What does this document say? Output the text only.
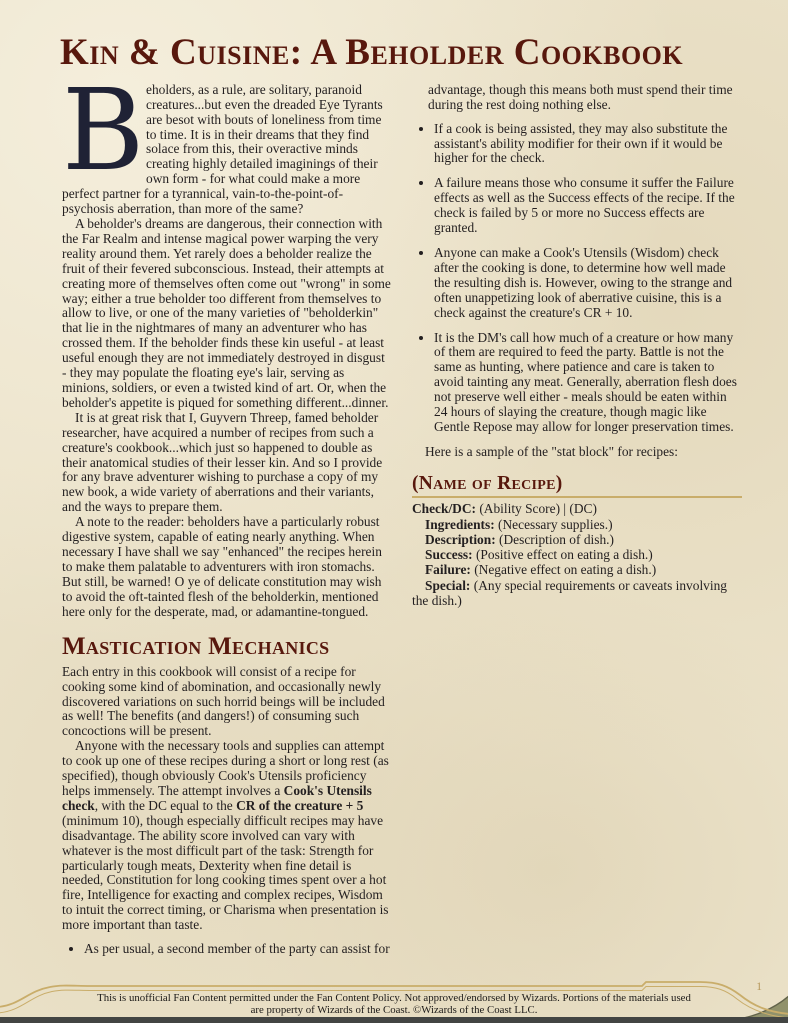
Kin & Cuisine: A Beholder Cookbook

Beholders, as a rule, are solitary, paranoid creatures...but even the dreaded Eye Tyrants are besot with bouts of loneliness from time to time. It is in their dreams that they find solace from this, their overactive minds creating highly detailed imaginings of their own form - for what could make a more perfect partner for a tyrannical, vain-to-the-point-of-psychosis aberration, than more of the same?

A beholder's dreams are dangerous, their connection with the Far Realm and intense magical power warping the very reality around them. Yet rarely does a beholder realize the fruit of their fevered subconscious. Instead, their attempts at creating more of themselves often come out "wrong" in some way; either a true beholder too different from themselves to allow to live, or one of the many varieties of "beholderkin" that lie in the nightmares of many an adventurer who has crossed them. If the beholder finds these kin useful - at least useful enough they are not immediately destroyed in disgust - they may populate the floating eye's lair, serving as minions, soldiers, or even a twisted kind of art. Or, when the beholder's appetite is piqued for something different...dinner.

It is at great risk that I, Guyvern Threep, famed beholder researcher, have acquired a number of recipes from such a creature's cookbook...which just so happened to double as their anatomical studies of their lesser kin. And so I provide for any brave adventurer wishing to purchase a copy of my new book, a wide variety of aberrations and their variants, and the ways to prepare them.

A note to the reader: beholders have a particularly robust digestive system, capable of eating nearly anything. When necessary I have shall we say "enhanced" the recipes herein to make them palatable to adventurers with iron stomachs. But still, be warned! O ye of delicate constitution may wish to avoid the oft-tainted flesh of the beholderkin, mentioned here only for the desperate, mad, or adamantine-tongued.

Mastication Mechanics

Each entry in this cookbook will consist of a recipe for cooking some kind of abomination, and occasionally newly discovered variations on such horrid beings will be included as well! The benefits (and dangers!) of consuming such concoctions will be present.

Anyone with the necessary tools and supplies can attempt to cook up one of these recipes during a short or long rest (as specified), though obviously Cook's Utensils proficiency helps immensely. The attempt involves a Cook's Utensils check, with the DC equal to the CR of the creature + 5 (minimum 10), though especially difficult recipes may have disadvantage. The ability score involved can vary with whatever is the most difficult part of the task: Strength for particularly tough meats, Dexterity when fine detail is needed, Constitution for long cooking times spent over a hot fire, Intelligence for exacting and complex recipes, Wisdom to intuit the correct timing, or Charisma when presentation is more important than taste.

• As per usual, a second member of the party can assist for

advantage, though this means both must spend their time during the rest doing nothing else.

• If a cook is being assisted, they may also substitute the assistant's ability modifier for their own if it would be higher for the check.
• A failure means those who consume it suffer the Failure effects as well as the Success effects of the recipe. If the check is failed by 5 or more no Success effects are granted.
• Anyone can make a Cook's Utensils (Wisdom) check after the cooking is done, to determine how well made the resulting dish is. However, owing to the strange and often unappetizing look of aberrative cuisine, this is a check against the creature's CR + 10.
• It is the DM's call how much of a creature or how many of them are required to feed the party. Battle is not the same as hunting, where patience and care is taken to avoid tainting any meat. Generally, aberration flesh does not preserve well either - meals should be eaten within 24 hours of slaying the creature, though magic like Gentle Repose may allow for longer preservation times.

Here is a sample of the "stat block" for recipes:

(Name of Recipe)
Check/DC: (Ability Score) | (DC)
Ingredients: (Necessary supplies.)
Description: (Description of dish.)
Success: (Positive effect on eating a dish.)
Failure: (Negative effect on eating a dish.)
Special: (Any special requirements or caveats involving the dish.)
1
This is unofficial Fan Content permitted under the Fan Content Policy. Not approved/endorsed by Wizards. Portions of the materials used
are property of Wizards of the Coast. ©Wizards of the Coast LLC.
